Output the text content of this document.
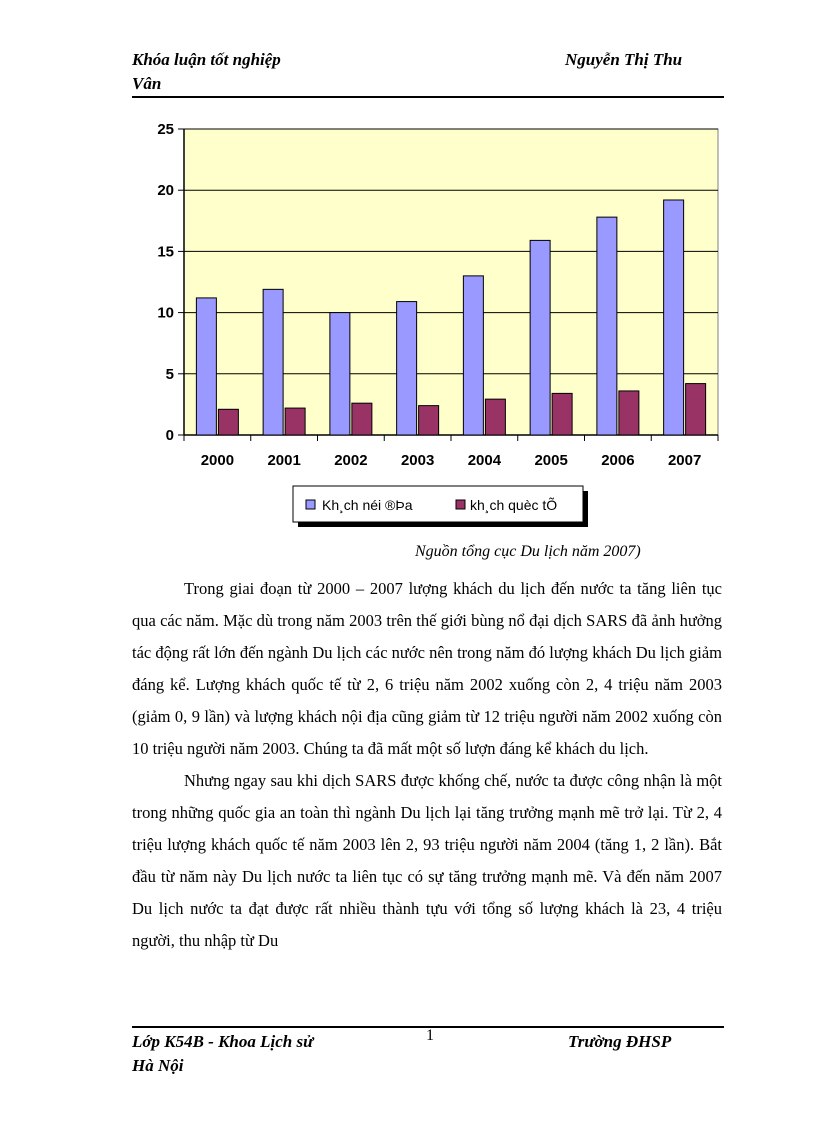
Khóa luận tốt nghiệp	Nguyễn Thị Thu
Vân
0
5
10
15
20
25
2000 2001 2002 2003 2004 2005 2006 2007
Kh¸ch néi ®Þa	kh¸ch quèc tÕ
Nguồn tổng cục Du lịch năm 2007)

Trong giai đoạn từ 2000 – 2007 lượng khách du lịch đến nước ta tăng liên tục qua các năm. Mặc dù trong năm 2003 trên thế giới bùng nổ đại dịch SARS đã ảnh hưởng tác động rất lớn đến ngành Du lịch các nước nên trong năm đó lượng khách Du lịch giảm đáng kể. Lượng khách quốc tế từ 2, 6 triệu năm 2002 xuống còn 2, 4 triệu năm 2003 (giảm 0, 9 lần) và lượng khách nội địa cũng giảm từ 12 triệu người năm 2002 xuống còn 10 triệu người năm 2003. Chúng ta đã mất một số lượn đáng kể khách du lịch.

Nhưng ngay sau khi dịch SARS được khống chế, nước ta được công nhận là một trong những quốc gia an toàn thì ngành Du lịch lại tăng trưởng mạnh mẽ trở lại. Từ 2, 4 triệu lượng khách quốc tế năm 2003 lên 2, 93 triệu người năm 2004 (tăng 1, 2 lần). Bắt đầu từ năm này Du lịch nước ta liên tục có sự tăng trưởng mạnh mẽ. Và đến năm 2007 Du lịch nước ta đạt được rất nhiều thành tựu với tổng số lượng khách là 23, 4 triệu người, thu nhập từ Du

Lớp K54B - Khoa Lịch sử	1	Trường ĐHSP
Hà Nội
